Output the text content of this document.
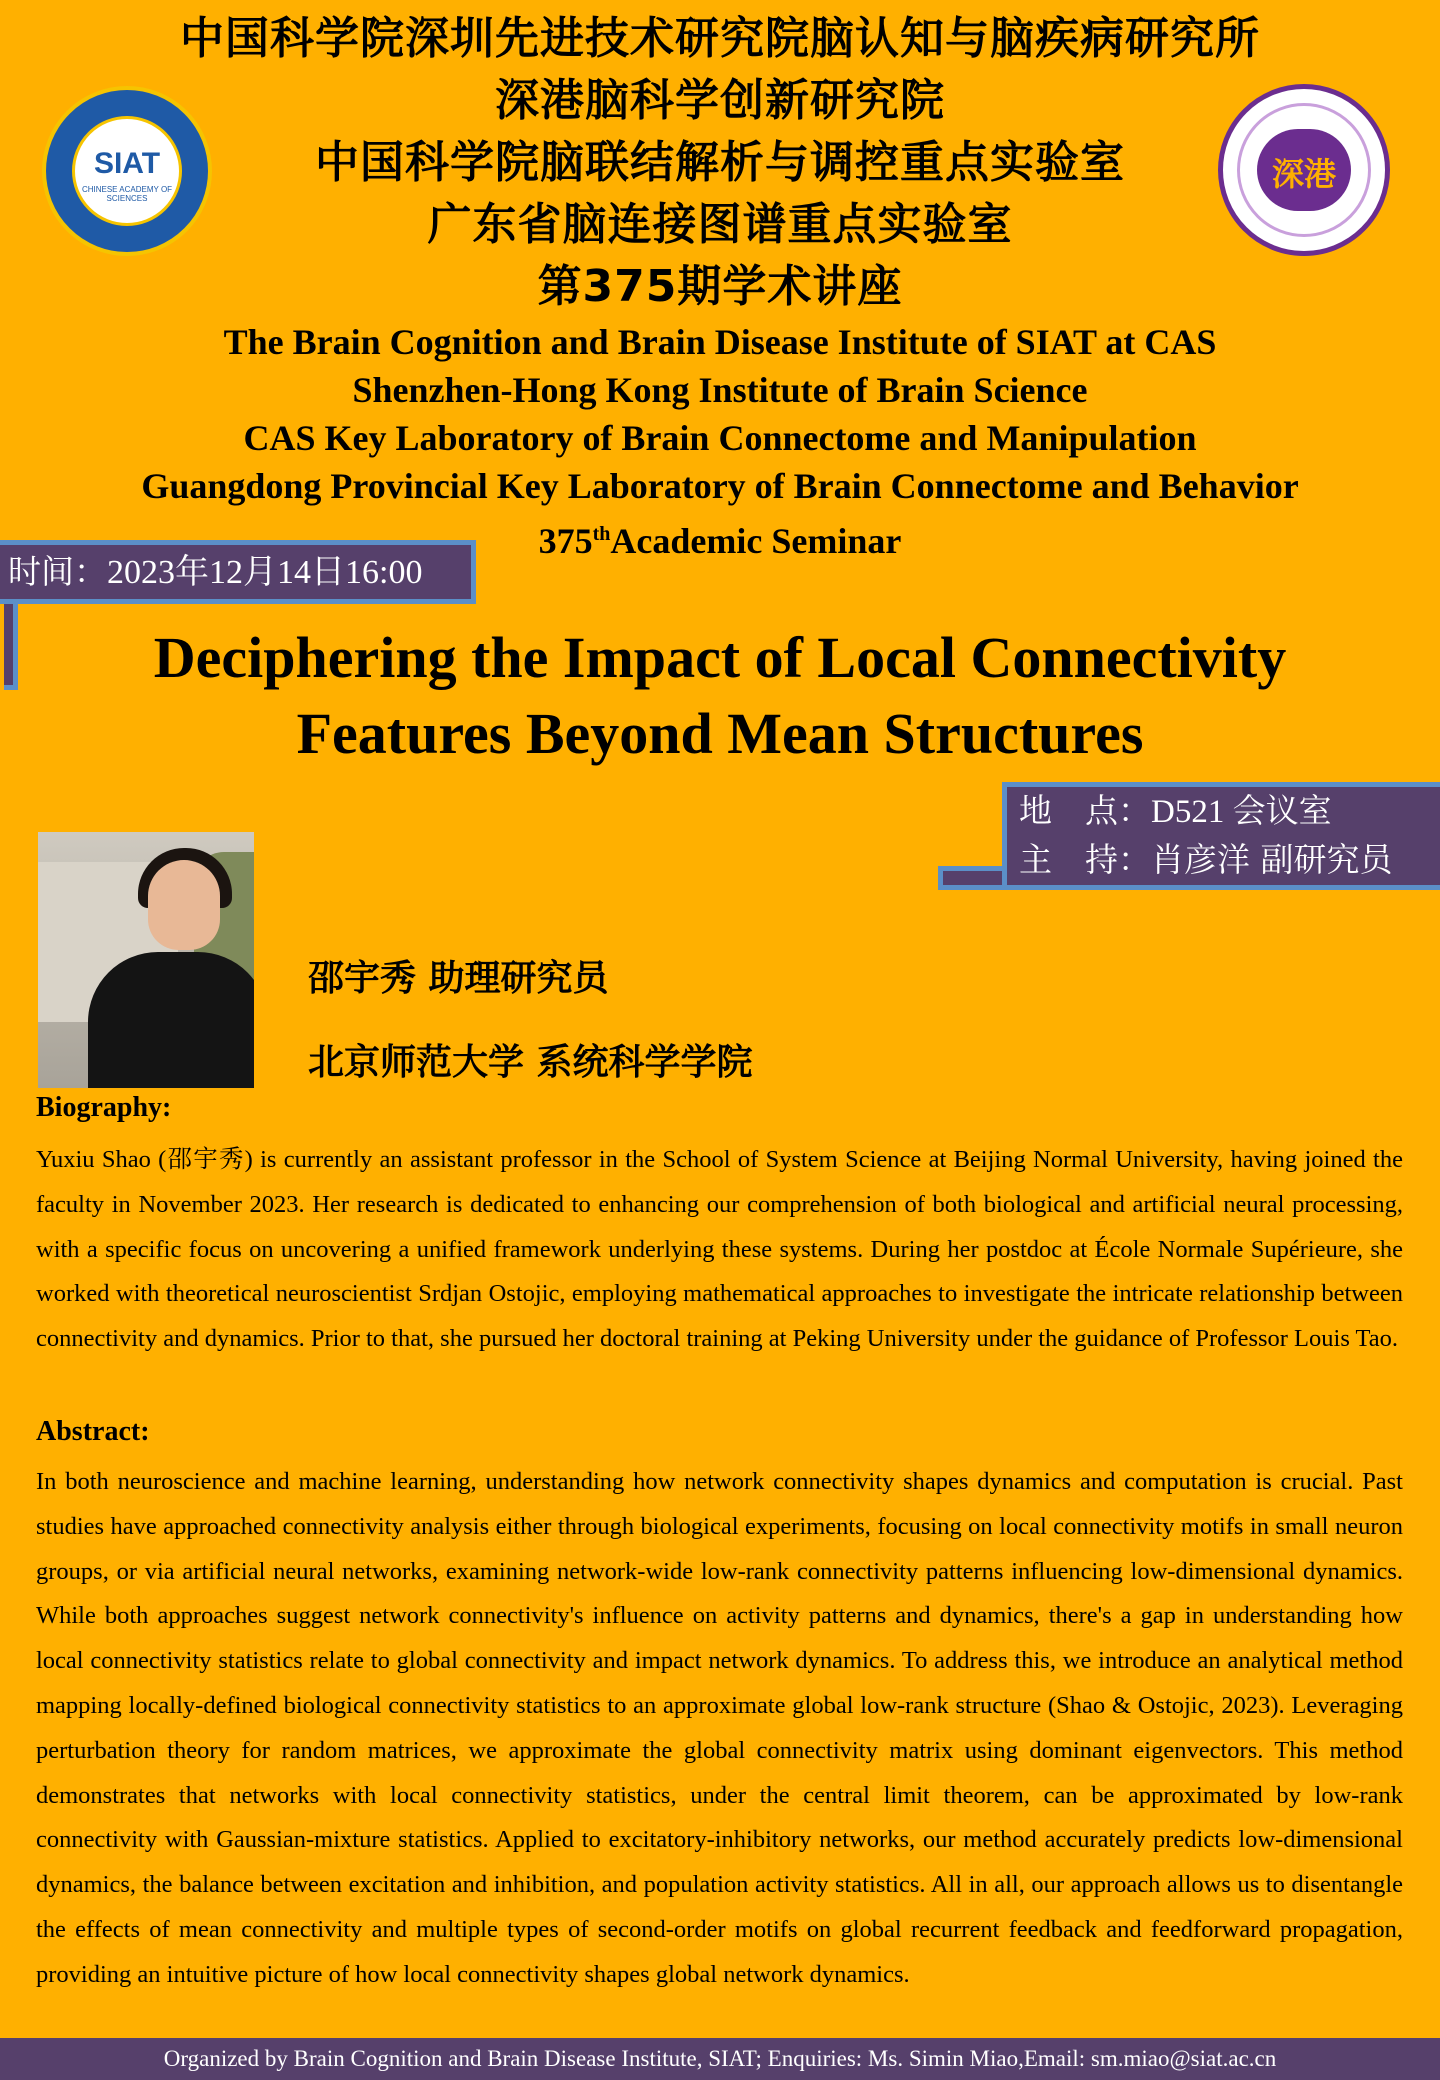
中国科学院深圳先进技术研究院脑认知与脑疾病研究所
深港脑科学创新研究院
中国科学院脑联结解析与调控重点实验室
广东省脑连接图谱重点实验室
第375期学术讲座
The Brain Cognition and Brain Disease Institute of SIAT at CAS
Shenzhen-Hong Kong Institute of Brain Science
CAS Key Laboratory of Brain Connectome and Manipulation
Guangdong Provincial Key Laboratory of Brain Connectome and Behavior
375thAcademic Seminar
SIAT
CHINESE ACADEMY OF SCIENCES
深港
时间：2023年12月14日16:00
Deciphering the Impact of Local Connectivity
Features Beyond Mean Structures
地　点：D521 会议室
主　持：肖彦洋 副研究员
邵宇秀 助理研究员
北京师范大学 系统科学学院
Biography:
Yuxiu Shao (邵宇秀) is currently an assistant professor in the School of System Science at Beijing Normal University, having joined the faculty in November 2023. Her research is dedicated to enhancing our comprehension of both biological and artificial neural processing, with a specific focus on uncovering a unified framework underlying these systems. During her postdoc at École Normale Supérieure, she worked with theoretical neuroscientist Srdjan Ostojic, employing mathematical approaches to investigate the intricate relationship between connectivity and dynamics. Prior to that, she pursued her doctoral training at Peking University under the guidance of Professor Louis Tao.
Abstract:
In both neuroscience and machine learning, understanding how network connectivity shapes dynamics and computation is crucial. Past studies have approached connectivity analysis either through biological experiments, focusing on local connectivity motifs in small neuron groups, or via artificial neural networks, examining network-wide low-rank connectivity patterns influencing low-dimensional dynamics. While both approaches suggest network connectivity's influence on activity patterns and dynamics, there's a gap in understanding how local connectivity statistics relate to global connectivity and impact network dynamics. To address this, we introduce an analytical method mapping locally-defined biological connectivity statistics to an approximate global low-rank structure (Shao & Ostojic, 2023). Leveraging perturbation theory for random matrices, we approximate the global connectivity matrix using dominant eigenvectors. This method demonstrates that networks with local connectivity statistics, under the central limit theorem, can be approximated by low-rank connectivity with Gaussian-mixture statistics. Applied to excitatory-inhibitory networks, our method accurately predicts low-dimensional dynamics, the balance between excitation and inhibition, and population activity statistics. All in all, our approach allows us to disentangle the effects of mean connectivity and multiple types of second-order motifs on global recurrent feedback and feedforward propagation, providing an intuitive picture of how local connectivity shapes global network dynamics.
Organized by Brain Cognition and Brain Disease Institute, SIAT; Enquiries: Ms. Simin Miao,Email: sm.miao@siat.ac.cn
